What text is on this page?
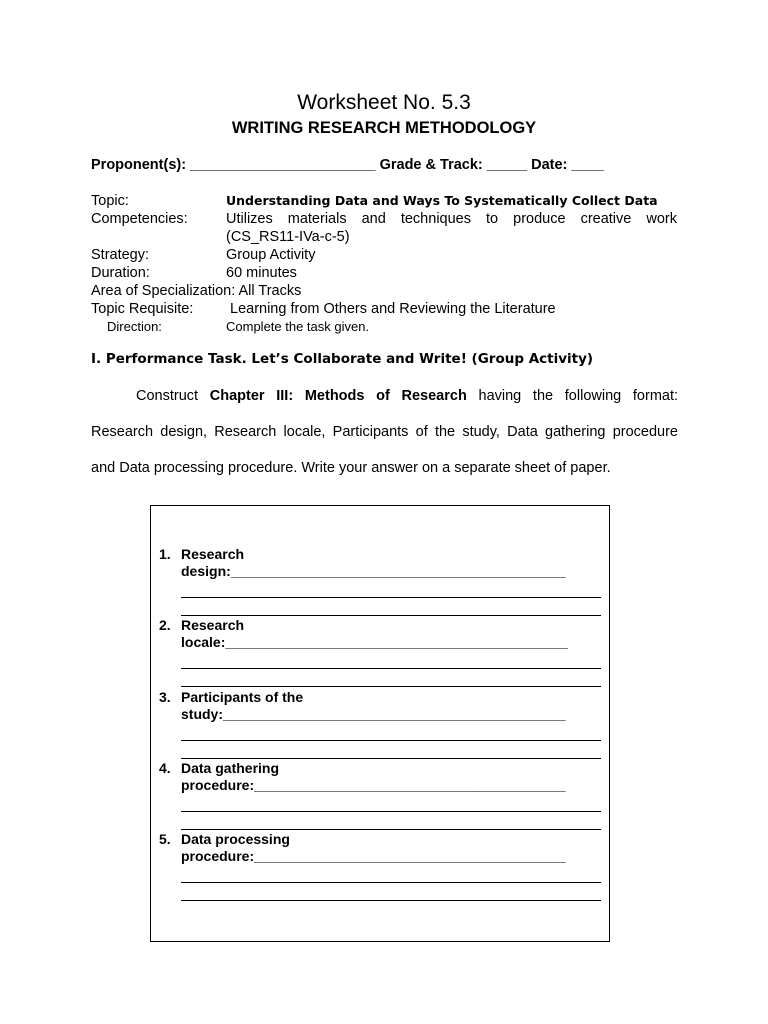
Worksheet No. 5.3
WRITING RESEARCH METHODOLOGY
Proponent(s): _______________________ Grade & Track: _____ Date: ____
Topic:	Understanding Data and Ways To Systematically Collect Data
Competencies:	Utilizes materials and techniques to produce creative work
(CS_RS11-IVa-c-5)
Strategy:	Group Activity
Duration:	60 minutes
Area of Specialization: All Tracks
Topic Requisite:	Learning from Others and Reviewing the Literature
Direction:	Complete the task given.
I. Performance Task. Let’s Collaborate and Write! (Group Activity)
Construct Chapter III: Methods of Research having the following format:
Research design, Research locale, Participants of the study, Data gathering procedure
and Data processing procedure. Write your answer on a separate sheet of paper.
1. Research
design:___________________________________________
2. Research
locale:____________________________________________
3. Participants of the
study:____________________________________________
4. Data gathering
procedure:________________________________________
5. Data processing
procedure:________________________________________
